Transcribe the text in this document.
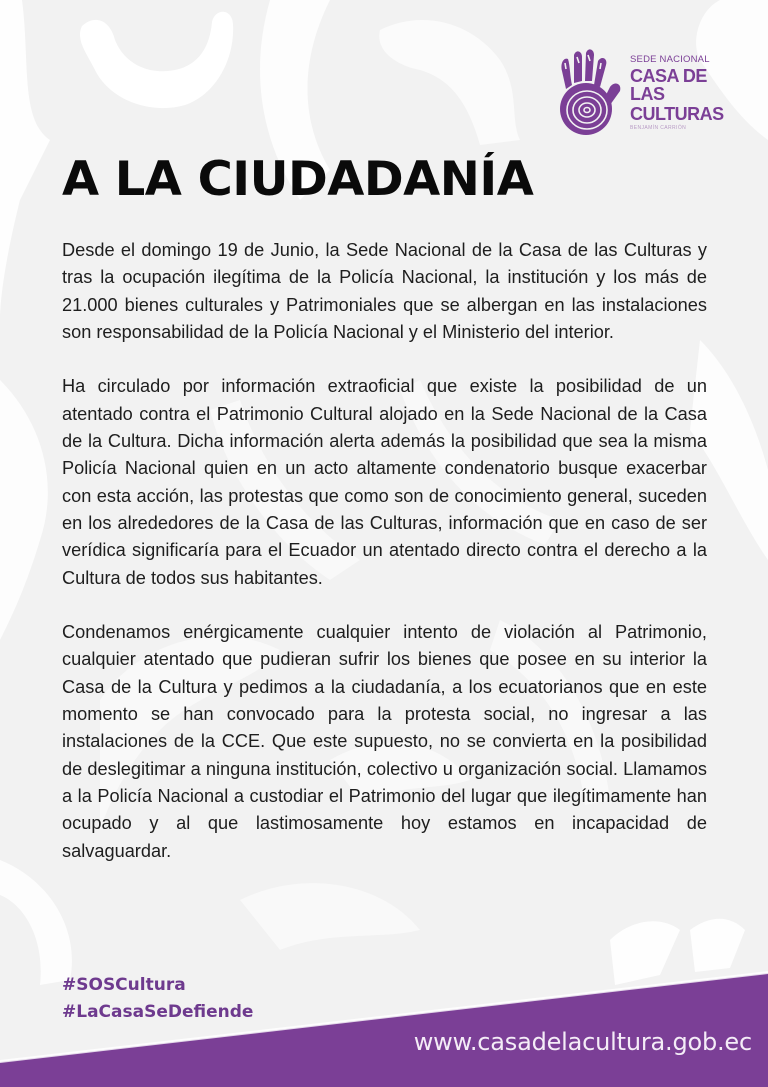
SEDE NACIONAL
CASA DE LAS
CULTURAS
BENJAMÍN CARRIÓN
A LA CIUDADANÍA

Desde el domingo 19 de Junio, la Sede Nacional de la Casa de las Culturas y tras la ocupación ilegítima de la Policía Nacional, la institución y los más de 21.000 bienes culturales y Patrimoniales que se albergan en las instalaciones son responsabilidad de la Policía Nacional y el Ministerio del interior.

Ha circulado por información extraoficial que existe la posibilidad de un atentado contra el Patrimonio Cultural alojado en la Sede Nacional de la Casa de la Cultura. Dicha información alerta además la posibilidad que sea la misma Policía Nacional quien en un acto altamente condenatorio busque exacerbar con esta acción, las protestas que como son de conocimiento general, suceden en los alrededores de la Casa de las Culturas, información que en caso de ser verídica significaría para el Ecuador un atentado directo contra el derecho a la Cultura de todos sus habitantes.

Condenamos enérgicamente cualquier intento de violación al Patrimonio, cualquier atentado que pudieran sufrir los bienes que posee en su interior la Casa de la Cultura y pedimos a la ciudadanía, a los ecuatorianos que en este momento se han convocado para la protesta social, no ingresar a las instalaciones de la CCE. Que este supuesto, no se convierta en la posibilidad de deslegitimar a ninguna institución, colectivo u organización social. Llamamos a la Policía Nacional a custodiar el Patrimonio del lugar que ilegítimamente han ocupado y al que lastimosamente hoy estamos en incapacidad de salvaguardar.

#SOSCultura
#LaCasaSeDefiende
www.casadelacultura.gob.ec
